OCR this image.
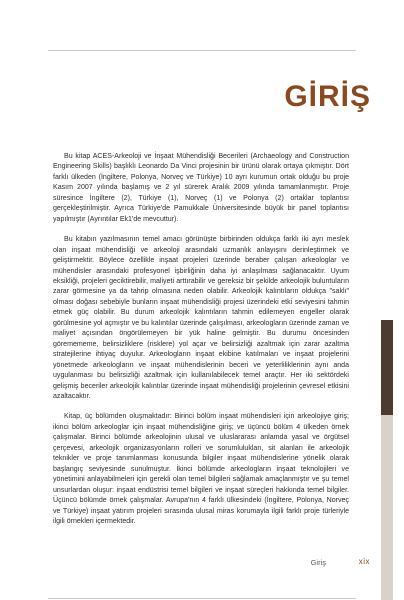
GİRİŞ

Bu kitap ACES-Arkeoloji ve İnşaat Mühendisliği Becerileri (Archaeology and Construction Engineering Skills) başlıklı Leonardo Da Vinci projesinin bir ürünü olarak ortaya çıkmıştır. Dört farklı ülkeden (İngiltere, Polonya, Norveç ve Türkiye) 10 ayrı kurumun ortak olduğu bu proje Kasım 2007 yılında başlamış ve 2 yıl sürerek Aralık 2009 yılında tamamlanmıştır. Proje süresince İngiltere (2), Türkiye (1), Norveç (1) ve Polonya (2) ortaklar toplantısı gerçekleştirilmiştir. Ayrıca Türkiye'de Pamukkale Üniversitesinde büyük bir panel toplantısı yapılmıştır (Ayrıntılar Ek1'de mevcuttur).

Bu kitabın yazılmasının temel amacı görünüşte birbirinden oldukça farklı iki ayrı meslek olan inşaat mühendisliği ve arkeoloji arasındaki uzmanlık anlayışını derinleştirmek ve geliştirmektir. Böylece özellikle inşaat projeleri üzerinde beraber çalışan arkeologlar ve mühendisler arasındaki profesyonel işbirliğinin daha iyi anlaşılması sağlanacaktır. Uyum eksikliği, projeleri geciktirebilir, maliyeti arttırabilir ve gereksiz bir şekilde arkeolojik buluntuların zarar görmesine ya da tahrip olmasına neden olabilir. Arkeolojik kalıntıların oldukça "saklı" olması doğası sebebiyle bunların inşaat mühendisliği projesi üzerindeki etki seviyesini tahmin etmek güç olabilir. Bu durum arkeolojik kalıntıların tahmin edilemeyen engeller olarak görülmesine yol açmıştır ve bu kalıntılar üzerinde çalışılması, arkeologların üzerinde zaman ve maliyet açısından öngörülemeyen bir yük haline gelmiştir. Bu durumu öncesinden göremememe, belirsizliklere (risklere) yol açar ve belirsizliği azaltmak için zarar azaltma stratejilerine ihtiyaç duyulur. Arkeologların inşaat ekibine katılmaları ve inşaat projelerini yönetmede arkeologların ve inşaat mühendislerinin beceri ve yeterliliklerinin aynı anda uygulanması bu belirsizliği azaltmak için kullanılabilecek temel araçtır. Her iki sektördeki gelişmiş beceriler arkeolojik kalıntılar üzerinde inşaat mühendisliği projelerinin çevresel etkisini azaltacaktır.

Kitap, üç bölümden oluşmaktadır: Birinci bölüm inşaat mühendisleri için arkeolojiye giriş; ikinci bölüm arkeologlar için inşaat mühendisliğine giriş; ve üçüncü bölüm 4 ülkeden örnek çalışmalar. Birinci bölümde arkeolojinin ulusal ve uluslararası anlamda yasal ve örgütsel çerçevesi, arkeolojik organizasyonların rolleri ve sorumlulukları, sit alanları ile arkeolojik teknikler ve proje tanımlanması konusunda bilgiler inşaat mühendislerine yönelik olarak başlangıç seviyesinde sunulmuştur. İkinci bölümde arkeologların inşaat teknolojileri ve yönetimini anlayabilmeleri için gerekli olan temel bilgileri sağlamak amaçlanmıştır ve şu temel unsurlardan oluşur: inşaat endüstrisi temel bilgileri ve inşaat süreçleri hakkında temel bilgiler. Üçüncü bölümde örnek çalışmalar. Avrupa'nın 4 farklı ülkesindeki (İngiltere, Polonya, Norveç ve Türkiye) inşaat yatırım projeleri sırasında ulusal miras korumayla ilgili farklı proje türleriyle ilgili örnekleri içermektedir.

Giriş	xix
